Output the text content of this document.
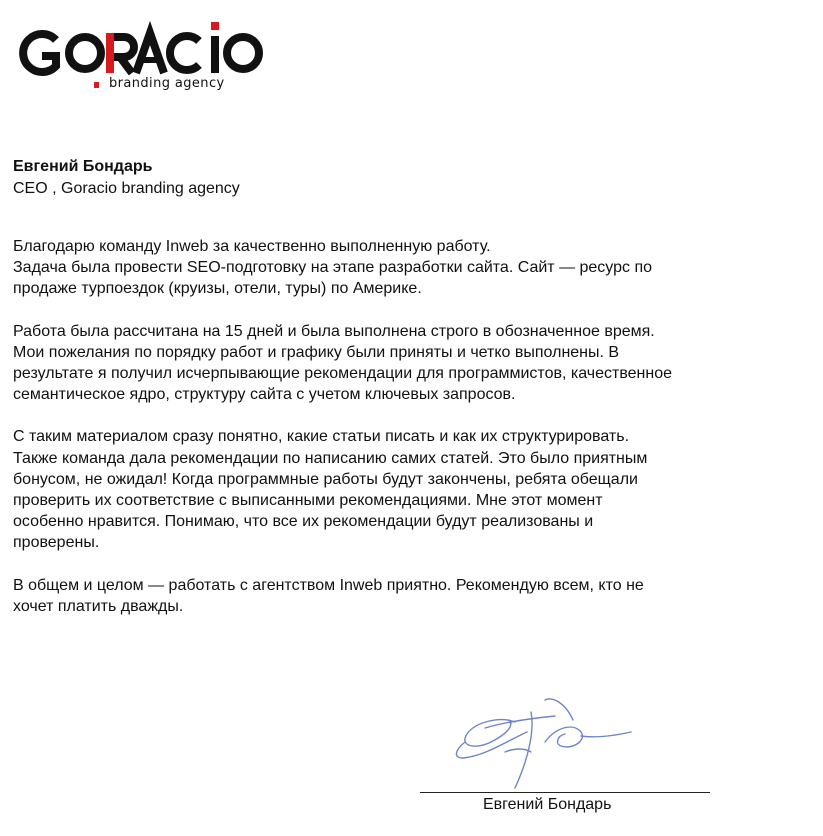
branding agency
Евгений Бондарь
CEO , Goracio branding agency

Благодарю команду Inweb за качественно выполненную работу.
Задача была провести SEO-подготовку на этапе разработки сайта. Сайт — ресурс по
продаже турпоездок (круизы, отели, туры) по Америке.

Работа была рассчитана на 15 дней и была выполнена строго в обозначенное время.
Мои пожелания по порядку работ и графику были приняты и четко выполнены. В
результате я получил исчерпывающие рекомендации для программистов, качественное
семантическое ядро, структуру сайта с учетом ключевых запросов.

С таким материалом сразу понятно, какие статьи писать и как их структурировать.
Также команда дала рекомендации по написанию самих статей. Это было приятным
бонусом, не ожидал! Когда программные работы будут закончены, ребята обещали
проверить их соответствие с выписанными рекомендациями. Мне этот момент
особенно нравится. Понимаю, что все их рекомендации будут реализованы и
проверены.

В общем и целом — работать с агентством Inweb приятно. Рекомендую всем, кто не
хочет платить дважды.

Евгений Бондарь
